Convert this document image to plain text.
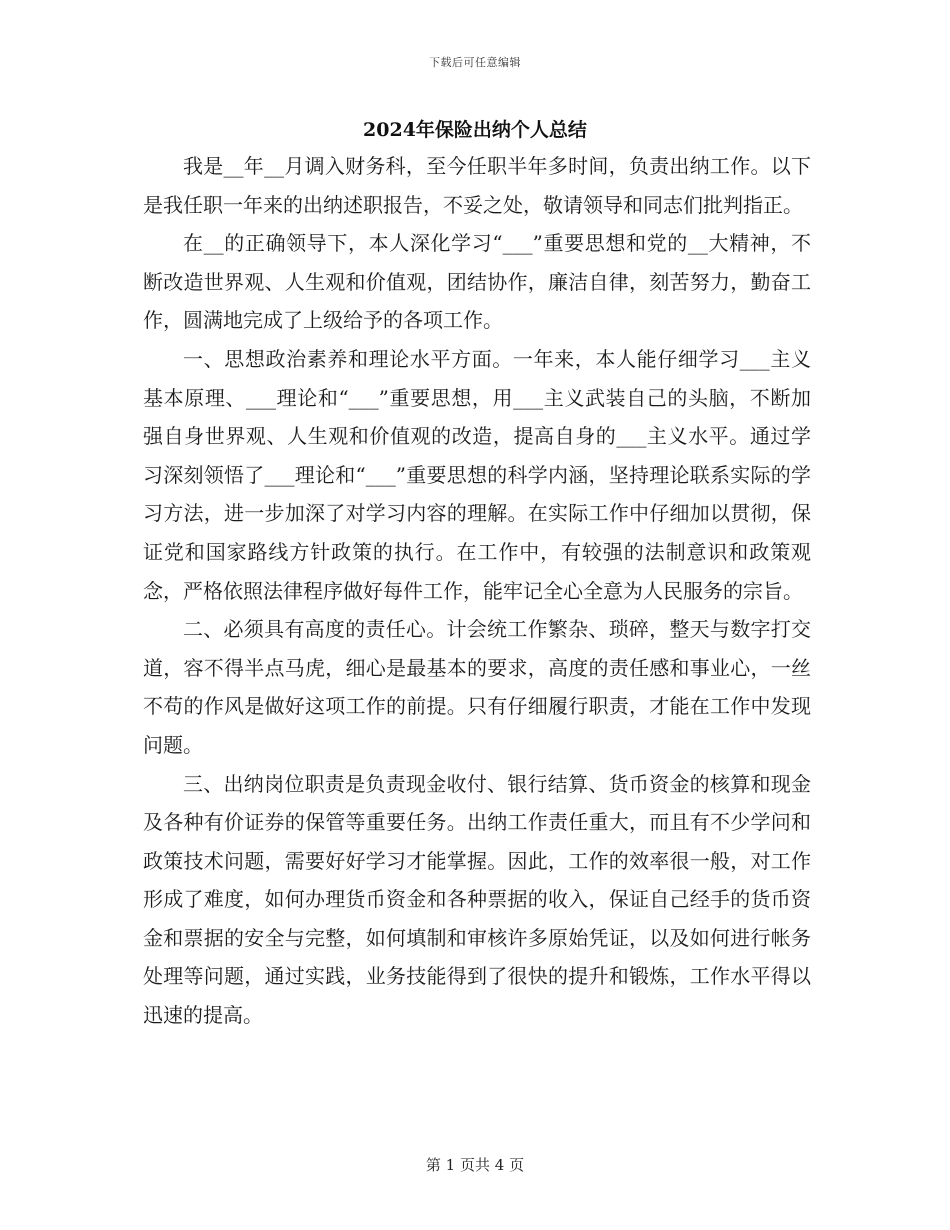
下载后可任意编辑
2024年保险出纳个人总结

我是__年__月调入财务科，至今任职半年多时间，负责出纳工作。以下是我任职一年来的出纳述职报告，不妥之处，敬请领导和同志们批判指正。

在__的正确领导下，本人深化学习“___”重要思想和党的__大精神，不断改造世界观、人生观和价值观，团结协作，廉洁自律，刻苦努力，勤奋工作，圆满地完成了上级给予的各项工作。

一、思想政治素养和理论水平方面。一年来，本人能仔细学习___主义基本原理、___理论和“___”重要思想，用___主义武装自己的头脑，不断加强自身世界观、人生观和价值观的改造，提高自身的___主义水平。通过学习深刻领悟了___理论和“___”重要思想的科学内涵，坚持理论联系实际的学习方法，进一步加深了对学习内容的理解。在实际工作中仔细加以贯彻，保证党和国家路线方针政策的执行。在工作中，有较强的法制意识和政策观念，严格依照法律程序做好每件工作，能牢记全心全意为人民服务的宗旨。

二、必须具有高度的责任心。计会统工作繁杂、琐碎，整天与数字打交道，容不得半点马虎，细心是最基本的要求，高度的责任感和事业心，一丝不苟的作风是做好这项工作的前提。只有仔细履行职责，才能在工作中发现问题。

三、出纳岗位职责是负责现金收付、银行结算、货币资金的核算和现金及各种有价证券的保管等重要任务。出纳工作责任重大，而且有不少学问和政策技术问题，需要好好学习才能掌握。因此，工作的效率很一般，对工作形成了难度，如何办理货币资金和各种票据的收入，保证自己经手的货币资金和票据的安全与完整，如何填制和审核许多原始凭证，以及如何进行帐务处理等问题，通过实践，业务技能得到了很快的提升和锻炼，工作水平得以迅速的提高。

第 1 页共 4 页
